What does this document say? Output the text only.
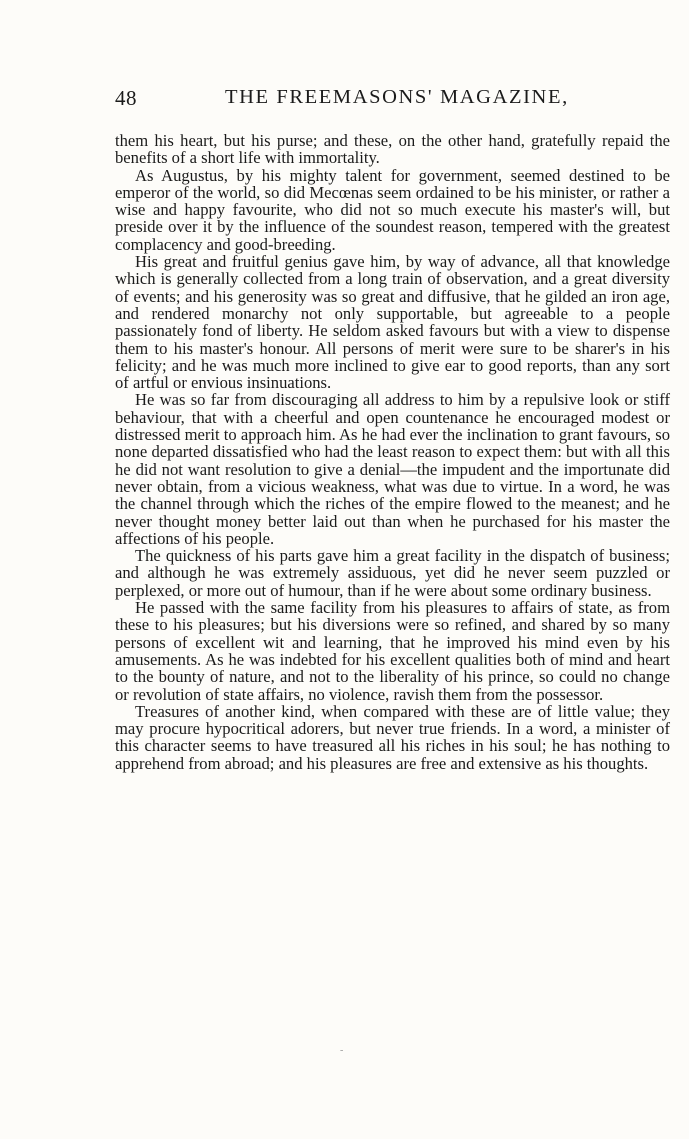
48	THE FREEMASONS' MAGAZINE,

them his heart, but his purse; and these, on the other hand, gratefully repaid the benefits of a short life with immortality.

As Augustus, by his mighty talent for government, seemed destined to be emperor of the world, so did Mecœnas seem ordained to be his minister, or rather a wise and happy favourite, who did not so much execute his master's will, but preside over it by the influence of the soundest reason, tempered with the greatest complacency and good-breeding.

His great and fruitful genius gave him, by way of advance, all that knowledge which is generally collected from a long train of observation, and a great diversity of events; and his generosity was so great and diffusive, that he gilded an iron age, and rendered monarchy not only supportable, but agreeable to a people passionately fond of liberty. He seldom asked favours but with a view to dispense them to his master's honour. All persons of merit were sure to be sharer's in his felicity; and he was much more inclined to give ear to good reports, than any sort of artful or envious insinuations.

He was so far from discouraging all address to him by a repulsive look or stiff behaviour, that with a cheerful and open countenance he encouraged modest or distressed merit to approach him. As he had ever the inclination to grant favours, so none departed dissatisfied who had the least reason to expect them: but with all this he did not want resolution to give a denial—the impudent and the importunate did never obtain, from a vicious weakness, what was due to virtue. In a word, he was the channel through which the riches of the empire flowed to the meanest; and he never thought money better laid out than when he purchased for his master the affections of his people.

The quickness of his parts gave him a great facility in the dispatch of business; and although he was extremely assiduous, yet did he never seem puzzled or perplexed, or more out of humour, than if he were about some ordinary business.

He passed with the same facility from his pleasures to affairs of state, as from these to his pleasures; but his diversions were so refined, and shared by so many persons of excellent wit and learning, that he improved his mind even by his amusements. As he was indebted for his excellent qualities both of mind and heart to the bounty of nature, and not to the liberality of his prince, so could no change or revolution of state affairs, no violence, ravish them from the possessor.

Treasures of another kind, when compared with these are of little value; they may procure hypocritical adorers, but never true friends. In a word, a minister of this character seems to have treasured all his riches in his soul; he has nothing to apprehend from abroad; and his pleasures are free and extensive as his thoughts.

-
